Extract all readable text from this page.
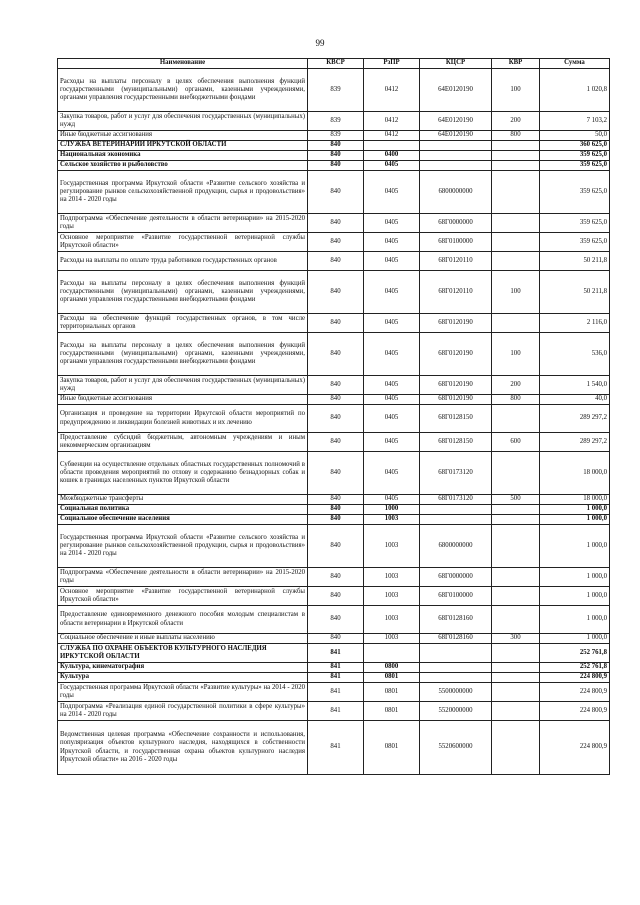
99
Наименование	КВСР	РзПР	КЦСР	КВР	Сумма
Расходы на выплаты персоналу в целях обеспечения выполнения функций государственными (муниципальными) органами, казенными учреждениями, органами управления государственными внебюджетными фондами	839	0412	64Е0120190	100	1 020,8
Закупка товаров, работ и услуг для обеспечения государственных (муниципальных) нужд	839	0412	64Е0120190	200	7 103,2
Иные бюджетные ассигнования	839	0412	64Е0120190	800	50,0
СЛУЖБА ВЕТЕРИНАРИИ ИРКУТСКОЙ ОБЛАСТИ	840				360 625,0
Национальная экономика	840	0400			359 625,0
Сельское хозяйство и рыболовство	840	0405			359 625,0
Государственная программа Иркутской области «Развитие сельского хозяйства и регулирование рынков сельскохозяйственной продукции, сырья и продовольствия» на 2014 - 2020 годы	840	0405	6800000000		359 625,0
Подпрограмма «Обеспечение деятельности в области ветеринарии» на 2015-2020 годы	840	0405	68Г0000000		359 625,0
Основное мероприятие «Развитие государственной ветеринарной службы Иркутской области»	840	0405	68Г0100000		359 625,0
Расходы на выплаты по оплате труда работников государственных органов	840	0405	68Г0120110		50 211,8
Расходы на выплаты персоналу в целях обеспечения выполнения функций государственными (муниципальными) органами, казенными учреждениями, органами управления государственными внебюджетными фондами	840	0405	68Г0120110	100	50 211,8
Расходы на обеспечение функций государственных органов, в том числе территориальных органов	840	0405	68Г0120190		2 116,0
Расходы на выплаты персоналу в целях обеспечения выполнения функций государственными (муниципальными) органами, казенными учреждениями, органами управления государственными внебюджетными фондами	840	0405	68Г0120190	100	536,0
Закупка товаров, работ и услуг для обеспечения государственных (муниципальных) нужд	840	0405	68Г0120190	200	1 540,0
Иные бюджетные ассигнования	840	0405	68Г0120190	800	40,0
Организация и проведение на территории Иркутской области мероприятий по предупреждению и ликвидации болезней животных и их лечению	840	0405	68Г0128150		289 297,2
Предоставление субсидий бюджетным, автономным учреждениям и иным некоммерческим организациям	840	0405	68Г0128150	600	289 297,2
Субвенции на осуществление отдельных областных государственных полномочий в области проведения мероприятий по отлову и содержанию безнадзорных собак и кошек в границах населенных пунктов Иркутской области	840	0405	68Г0173120		18 000,0
Межбюджетные трансферты	840	0405	68Г0173120	500	18 000,0
Социальная политика	840	1000			1 000,0
Социальное обеспечение населения	840	1003			1 000,0
Государственная программа Иркутской области «Развитие сельского хозяйства и регулирование рынков сельскохозяйственной продукции, сырья и продовольствия» на 2014 - 2020 годы	840	1003	6800000000		1 000,0
Подпрограмма «Обеспечение деятельности в области ветеринарии» на 2015-2020 годы	840	1003	68Г0000000		1 000,0
Основное мероприятие «Развитие государственной ветеринарной службы Иркутской области»	840	1003	68Г0100000		1 000,0
Предоставление единовременного денежного пособия молодым специалистам в области ветеринарии в Иркутской области	840	1003	68Г0128160		1 000,0
Социальное обеспечение и иные выплаты населению	840	1003	68Г0128160	300	1 000,0
СЛУЖБА ПО ОХРАНЕ ОБЪЕКТОВ КУЛЬТУРНОГО НАСЛЕДИЯ ИРКУТСКОЙ ОБЛАСТИ	841				252 761,8
Культура, кинематография	841	0800			252 761,8
Культура	841	0801			224 800,9
Государственная программа Иркутской области «Развитие культуры» на 2014 - 2020 годы	841	0801	5500000000		224 800,9
Подпрограмма «Реализация единой государственной политики в сфере культуры» на 2014 - 2020 годы	841	0801	5520000000		224 800,9
Ведомственная целевая программа «Обеспечение сохранности и использования, популяризация объектов культурного наследия, находящихся в собственности Иркутской области, и государственная охрана объектов культурного наследия Иркутской области» на 2016 - 2020 годы	841	0801	5520600000		224 800,9
